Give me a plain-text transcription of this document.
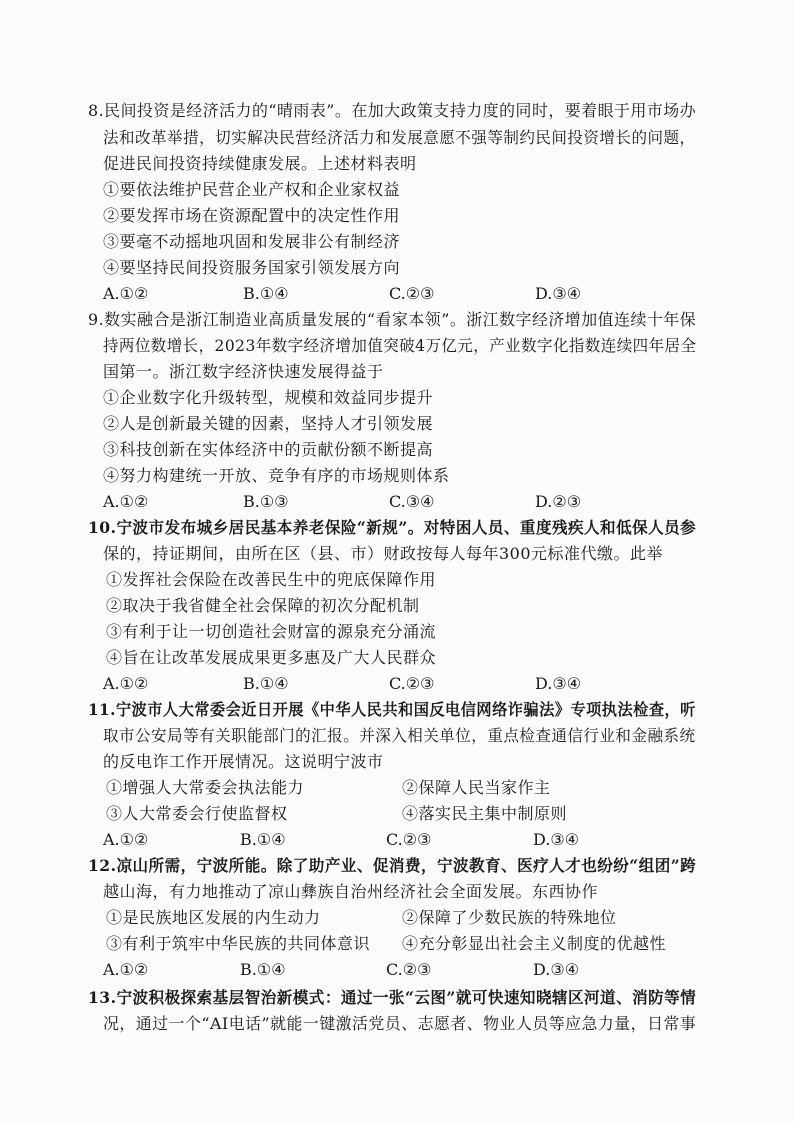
8.民间投资是经济活力的“晴雨表”。在加大政策支持力度的同时，要着眼于用市场办
法和改革举措，切实解决民营经济活力和发展意愿不强等制约民间投资增长的问题，
促进民间投资持续健康发展。上述材料表明
①要依法维护民营企业产权和企业家权益
②要发挥市场在资源配置中的决定性作用
③要毫不动摇地巩固和发展非公有制经济
④要坚持民间投资服务国家引领发展方向
A.①②	B.①④	C.②③	D.③④
9.数实融合是浙江制造业高质量发展的“看家本领”。浙江数字经济增加值连续十年保
持两位数增长，2023年数字经济增加值突破4万亿元，产业数字化指数连续四年居全
国第一。浙江数字经济快速发展得益于
①企业数字化升级转型，规模和效益同步提升
②人是创新最关键的因素，坚持人才引领发展
③科技创新在实体经济中的贡献份额不断提高
④努力构建统一开放、竞争有序的市场规则体系
A.①②	B.①③	C.③④	D.②③
10.宁波市发布城乡居民基本养老保险“新规”。对特困人员、重度残疾人和低保人员参
保的，持证期间，由所在区（县、市）财政按每人每年300元标准代缴。此举
①发挥社会保险在改善民生中的兜底保障作用
②取决于我省健全社会保障的初次分配机制
③有利于让一切创造社会财富的源泉充分涌流
④旨在让改革发展成果更多惠及广大人民群众
A.①②	B.①④	C.②③	D.③④
11.宁波市人大常委会近日开展《中华人民共和国反电信网络诈骗法》专项执法检查，听
取市公安局等有关职能部门的汇报。并深入相关单位，重点检查通信行业和金融系统
的反电诈工作开展情况。这说明宁波市
①增强人大常委会执法能力	②保障人民当家作主
③人大常委会行使监督权	④落实民主集中制原则
A.①②	B.①④	C.②③	D.③④
12.凉山所需，宁波所能。除了助产业、促消费，宁波教育、医疗人才也纷纷“组团”跨
越山海，有力地推动了凉山彝族自治州经济社会全面发展。东西协作
①是民族地区发展的内生动力	②保障了少数民族的特殊地位
③有利于筑牢中华民族的共同体意识 ④充分彰显出社会主义制度的优越性
A.①②	B.①④	C.②③	D.③④
13.宁波积极探索基层智治新模式：通过一张“云图”就可快速知晓辖区河道、消防等情
况，通过一个“AI电话”就能一键激活党员、志愿者、物业人员等应急力量，日常事
